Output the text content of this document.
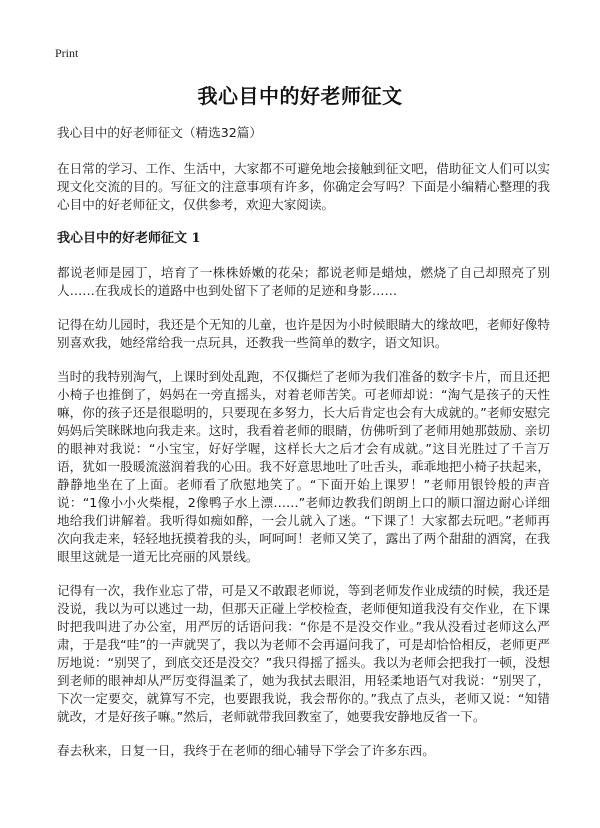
Print
我心目中的好老师征文

我心目中的好老师征文（精选32篇）

在日常的学习、工作、生活中，大家都不可避免地会接触到征文吧，借助征文人们可以实现文化交流的目的。写征文的注意事项有许多，你确定会写吗？下面是小编精心整理的我心目中的好老师征文，仅供参考，欢迎大家阅读。

我心目中的好老师征文 1

都说老师是园丁，培育了一株株娇嫩的花朵；都说老师是蜡烛，燃烧了自己却照亮了别人……在我成长的道路中也到处留下了老师的足迹和身影……

记得在幼儿园时，我还是个无知的儿童，也许是因为小时候眼睛大的缘故吧，老师好像特别喜欢我，她经常给我一点玩具，还教我一些简单的数字，语文知识。

当时的我特别淘气，上课时到处乱跑，不仅撕烂了老师为我们准备的数字卡片，而且还把小椅子也推倒了，妈妈在一旁直摇头，对着老师苦笑。可老师却说：“淘气是孩子的天性嘛，你的孩子还是很聪明的，只要现在多努力，长大后肯定也会有大成就的。”老师安慰完妈妈后笑眯眯地向我走来。这时，我看着老师的眼睛，仿佛听到了老师用她那鼓励、亲切的眼神对我说：“小宝宝，好好学喔，这样长大之后才会有成就。”这目光胜过了千言万语，犹如一股暖流滋润着我的心田。我不好意思地吐了吐舌头，乖乖地把小椅子扶起来，静静地坐在了上面。老师看了欣慰地笑了。“下面开始上课罗！”老师用银铃般的声音说：“1像小小火柴棍，2像鸭子水上漂……”老师边教我们朗朗上口的顺口溜边耐心详细地给我们讲解着。我听得如痴如醉，一会儿就入了迷。“下课了！大家都去玩吧。”老师再次向我走来，轻轻地抚摸着我的头，呵呵呵！老师又笑了，露出了两个甜甜的酒窝，在我眼里这就是一道无比亮丽的风景线。

记得有一次，我作业忘了带，可是又不敢跟老师说，等到老师发作业成绩的时候，我还是没说，我以为可以逃过一劫，但那天正碰上学校检查，老师便知道我没有交作业，在下课时把我叫进了办公室，用严厉的话语问我：“你是不是没交作业。”我从没看过老师这么严肃，于是我“哇”的一声就哭了，我以为老师不会再逼问我了，可是却恰恰相反，老师更严厉地说：“别哭了，到底交还是没交？”我只得摇了摇头。我以为老师会把我打一顿，没想到老师的眼神却从严厉变得温柔了，她为我拭去眼泪，用轻柔地语气对我说：“别哭了，下次一定要交，就算写不完，也要跟我说，我会帮你的。”我点了点头，老师又说：“知错就改，才是好孩子嘛。”然后，老师就带我回教室了，她要我安静地反省一下。

春去秋来，日复一日，我终于在老师的细心辅导下学会了许多东西。
